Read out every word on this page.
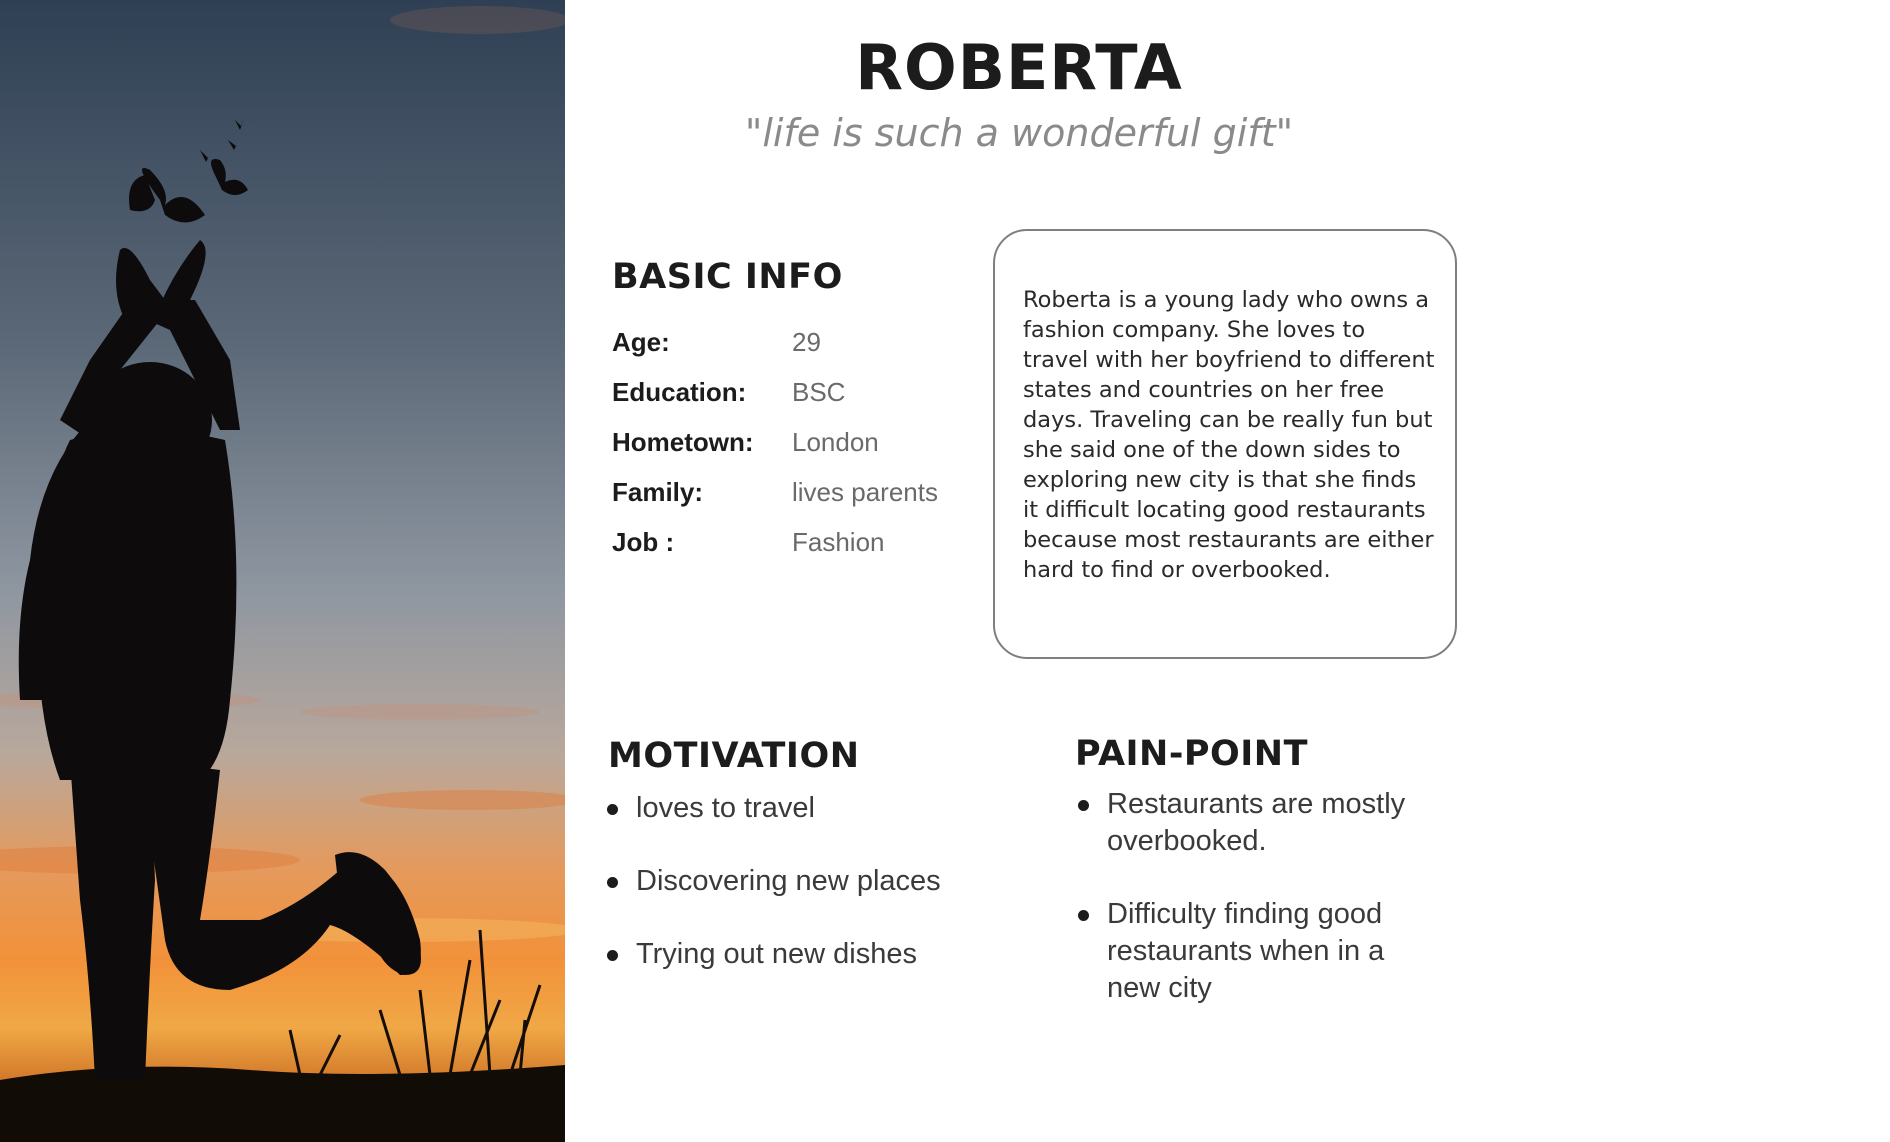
ROBERTA
"life is such a wonderful gift"
BASIC INFO
Age:	29
Education: BSC
Hometown: London
Family:	lives parents
Job :	Fashion

Roberta is a young lady who owns a fashion company. She loves to travel with her boyfriend to different states and countries on her free days. Traveling can be really fun but she said one of the down sides to exploring new city is that she finds it difficult locating good restaurants because most restaurants are either hard to find or overbooked.

MOTIVATION
loves to travel
Discovering new places
Trying out new dishes
PAIN-POINT
Restaurants are mostly overbooked.
Difficulty finding good restaurants when in a new city
